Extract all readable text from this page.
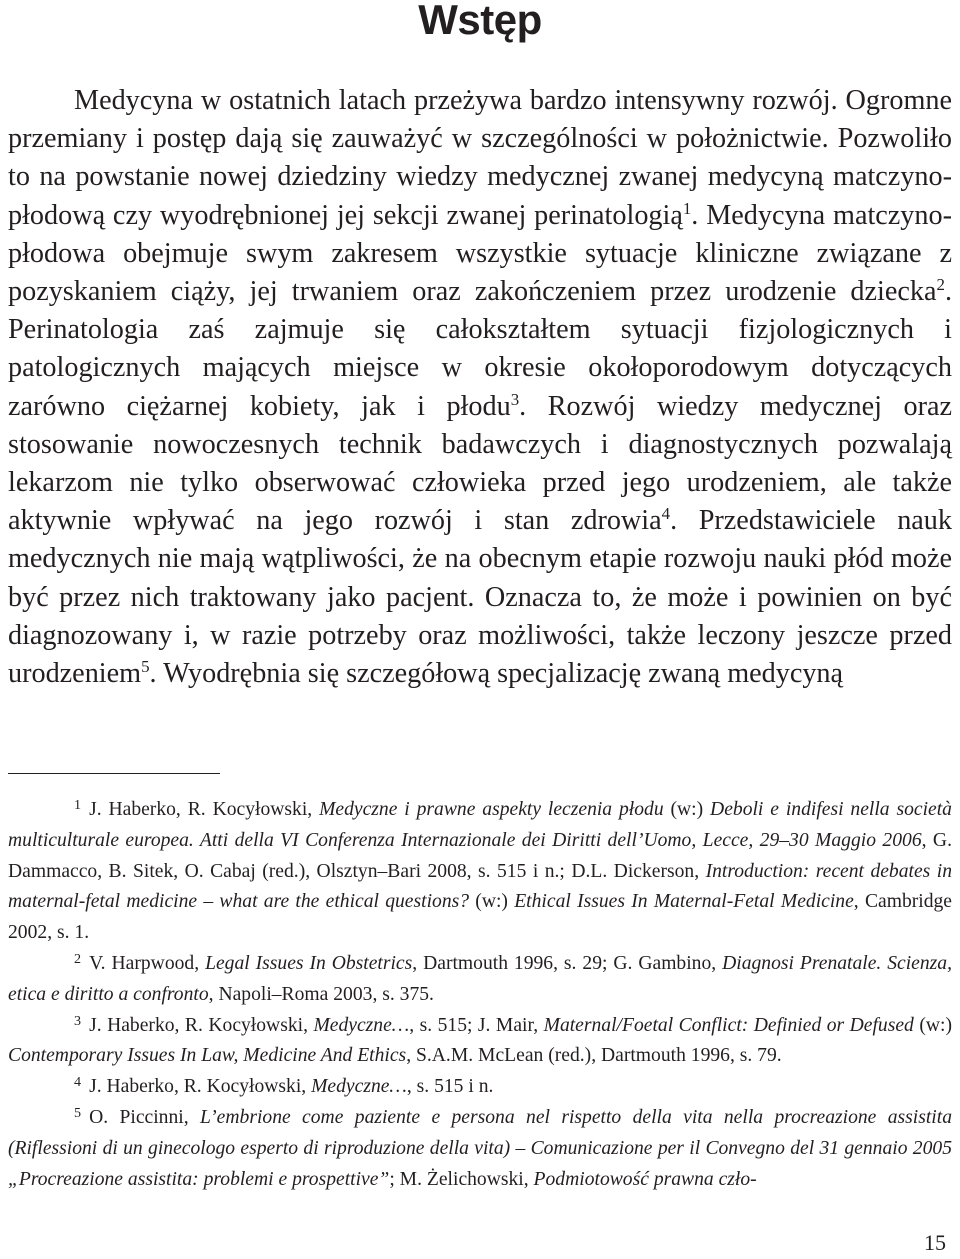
Wstęp

Medycyna w ostatnich latach przeżywa bardzo intensywny rozwój. Ogromne przemiany i postęp dają się zauważyć w szczególności w położnictwie. Pozwoliło to na powstanie nowej dziedziny wiedzy medycznej zwanej medycyną matczyno-płodową czy wyodrębnionej jej sekcji zwanej perinatologią$^1$. Medycyna matczyno-płodowa obejmuje swym zakresem wszystkie sytuacje kliniczne związane z pozyskaniem ciąży, jej trwaniem oraz zakończeniem przez urodzenie dziecka$^2$. Perinatologia zaś zajmuje się całokształtem sytuacji fizjologicznych i patologicznych mających miejsce w okresie okołoporodowym dotyczących zarówno ciężarnej kobiety, jak i płodu$^3$. Rozwój wiedzy medycznej oraz stosowanie nowoczesnych technik badawczych i diagnostycznych pozwalają lekarzom nie tylko obserwować człowieka przed jego urodzeniem, ale także aktywnie wpływać na jego rozwój i stan zdrowia$^4$. Przedstawiciele nauk medycznych nie mają wątpliwości, że na obecnym etapie rozwoju nauki płód może być przez nich traktowany jako pacjent. Oznacza to, że może i powinien on być diagnozowany i, w razie potrzeby oraz możliwości, także leczony jeszcze przed urodzeniem$^5$. Wyodrębnia się szczegółową specjalizację zwaną medycyną

$^1$ J. Haberko, R. Kocyłowski, Medyczne i prawne aspekty leczenia płodu (w:) Deboli e indifesi nella società multiculturale europea. Atti della VI Conferenza Internazionale dei Diritti dell’Uomo, Lecce, 29–30 Maggio 2006, G. Dammacco, B. Sitek, O. Cabaj (red.), Olsztyn–Bari 2008, s. 515 i n.; D.L. Dickerson, Introduction: recent debates in maternal-fetal medicine – what are the ethical questions? (w:) Ethical Issues In Maternal-Fetal Medicine, Cambridge 2002, s. 1.

$^2$ V. Harpwood, Legal Issues In Obstetrics, Dartmouth 1996, s. 29; G. Gambino, Diagnosi Prenatale. Scienza, etica e diritto a confronto, Napoli–Roma 2003, s. 375.

$^3$ J. Haberko, R. Kocyłowski, Medyczne…, s. 515; J. Mair, Maternal/Foetal Conflict: Definied or Defused (w:) Contemporary Issues In Law, Medicine And Ethics, S.A.M. McLean (red.), Dartmouth 1996, s. 79.

$^4$ J. Haberko, R. Kocyłowski, Medyczne…, s. 515 i n.

$^5$ O. Piccinni, L’embrione come paziente e persona nel rispetto della vita nella procreazione assistita (Riflessioni di un ginecologo esperto di riproduzione della vita) – Comunicazione per il Convegno del 31 gennaio 2005 „Procreazione assistita: problemi e prospettive”; M. Żelichowski, Podmiotowość prawna czło-

15
